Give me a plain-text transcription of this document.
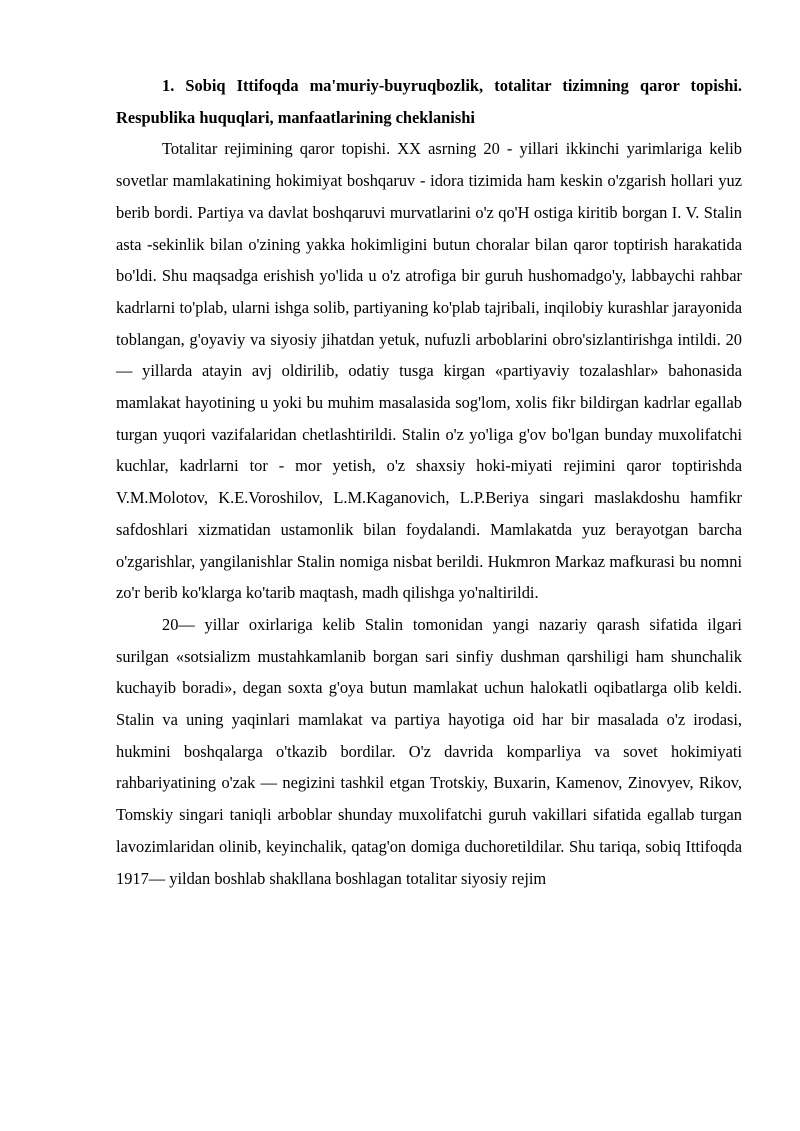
1. Sobiq Ittifoqda ma'muriy-buyruqbozlik, totalitar tizimning qaror topishi. Respublika huquqlari, manfaatlarining cheklanishi

Totalitar rejimining qaror topishi. XX asrning 20 - yillari ikkinchi yarimlariga kelib sovetlar mamlakatining hokimiyat boshqaruv - idora tizimida ham keskin o'zgarish hollari yuz berib bordi. Partiya va davlat boshqaruvi murvatlarini o'z qo'H ostiga kiritib borgan I. V. Stalin asta -sekinlik bilan o'zining yakka hokimligini butun choralar bilan qaror toptirish harakatida bo'ldi. Shu maqsadga erishish yo'lida u o'z atrofiga bir guruh hushomadgo'y, labbaychi rahbar kadrlarni to'plab, ularni ishga solib, partiyaning ko'plab tajribali, inqilobiy kurashlar jarayonida toblangan, g'oyaviy va siyosiy jihatdan yetuk, nufuzli arboblarini obro'sizlantirishga intildi. 20— yillarda atayin avj oldirilib, odatiy tusga kirgan «partiyaviy tozalashlar» bahonasida mamlakat hayotining u yoki bu muhim masalasida sog'lom, xolis fikr bildirgan kadrlar egallab turgan yuqori vazifalaridan chetlashtirildi. Stalin o'z yo'liga g'ov bo'lgan bunday muxolifatchi kuchlar, kadrlarni tor - mor yetish, o'z shaxsiy hoki-miyati rejimini qaror toptirishda V.M.Molotov, K.E.Voroshilov, L.M.Kaganovich, L.P.Beriya singari maslakdoshu hamfikr safdoshlari xizmatidan ustamonlik bilan foydalandi. Mamlakatda yuz berayotgan barcha o'zgarishlar, yangilanishlar Stalin nomiga nisbat berildi. Hukmron Markaz mafkurasi bu nomni zo'r berib ko'klarga ko'tarib maqtash, madh qilishga yo'naltirildi.

20— yillar oxirlariga kelib Stalin tomonidan yangi nazariy qarash sifatida ilgari surilgan «sotsializm mustahkamlanib borgan sari sinfiy dushman qarshiligi ham shunchalik kuchayib boradi», degan soxta g'oya butun mamlakat uchun halokatli oqibatlarga olib keldi. Stalin va uning yaqinlari mamlakat va partiya hayotiga oid har bir masalada o'z irodasi, hukmini boshqalarga o'tkazib bordilar. O'z davrida komparliya va sovet hokimiyati rahbariyatining o'zak — negizini tashkil etgan Trotskiy, Buxarin, Kamenov, Zinovyev, Rikov, Tomskiy singari taniqli arboblar shunday muxolifatchi guruh vakillari sifatida egallab turgan lavozimlaridan olinib, keyinchalik, qatag'on domiga duchoretildilar. Shu tariqa, sobiq Ittifoqda 1917— yildan boshlab shakllana boshlagan totalitar siyosiy rejim
